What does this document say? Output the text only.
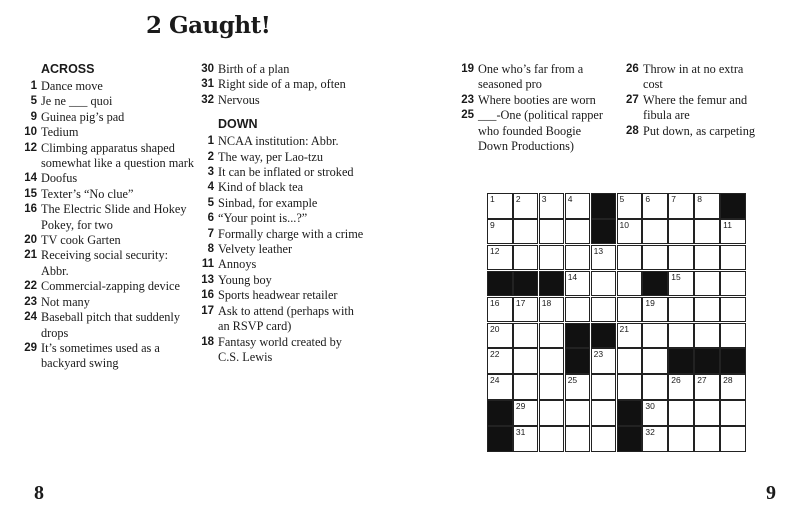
2 Gaught!
ACROSS
1 Dance move
5 Je ne ___ quoi
9 Guinea pig’s pad
10 Tedium
12 Climbing apparatus shaped somewhat like a question mark
14 Doofus
15 Texter’s “No clue”
16 The Electric Slide and Hokey Pokey, for two
20 TV cook Garten
21 Receiving social security: Abbr.
22 Commercial-zapping device
23 Not many
24 Baseball pitch that suddenly drops
29 It’s sometimes used as a backyard swing
30 Birth of a plan
31 Right side of a map, often
32 Nervous
DOWN
1 NCAA institution: Abbr.
2 The way, per Lao-tzu
3 It can be inflated or stroked
4 Kind of black tea
5 Sinbad, for example
6 “Your point is...?”
7 Formally charge with a crime
8 Velvety leather
11 Annoys
13 Young boy
16 Sports headwear retailer
17 Ask to attend (perhaps with an RSVP card)
18 Fantasy world created by C.S. Lewis
19 One who’s far from a seasoned pro
23 Where booties are worn
25 ___-One (political rapper who founded Boogie Down Productions)
26 Throw in at no extra cost
27 Where the femur and fibula are
28 Put down, as carpeting
1 2 3 4	5 6 7 8
9	10	11
12	13
14	15
16 17 18	19
20	21
22	23
24	25	26 27 28
29	30
31	32
8	9
